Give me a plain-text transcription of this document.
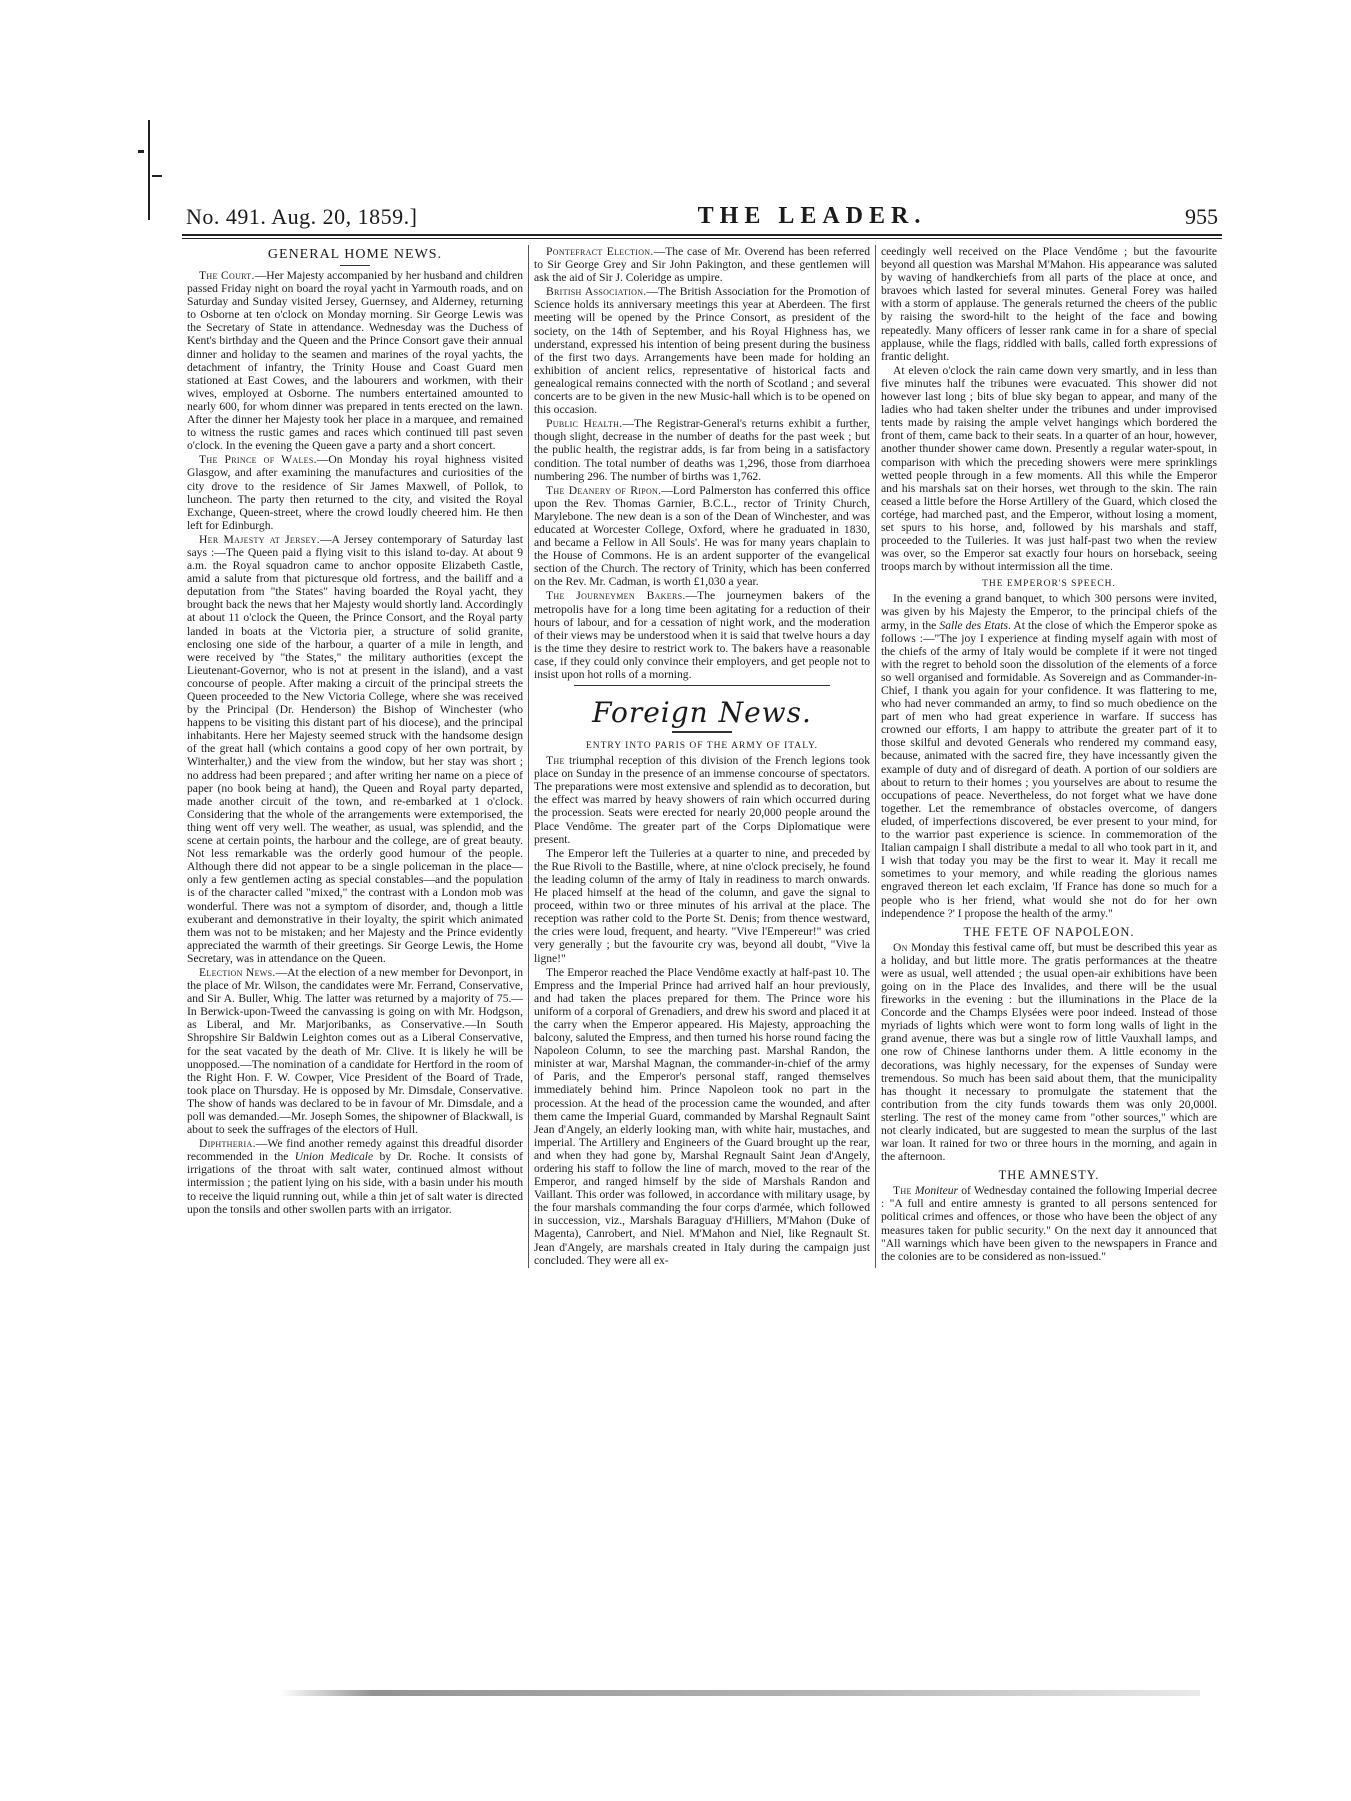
No. 491. Aug. 20, 1859.]	THE LEADER.	955
GENERAL HOME NEWS.

The Court.—Her Majesty accompanied by her husband and children passed Friday night on board the royal yacht in Yarmouth roads, and on Saturday and Sunday visited Jersey, Guernsey, and Alderney, returning to Osborne at ten o'clock on Monday morning. Sir George Lewis was the Secretary of State in attendance. Wednesday was the Duchess of Kent's birthday and the Queen and the Prince Consort gave their annual dinner and holiday to the seamen and marines of the royal yachts, the detachment of infantry, the Trinity House and Coast Guard men stationed at East Cowes, and the labourers and workmen, with their wives, employed at Osborne. The numbers entertained amounted to nearly 600, for whom dinner was prepared in tents erected on the lawn. After the dinner her Majesty took her place in a marquee, and remained to witness the rustic games and races which continued till past seven o'clock. In the evening the Queen gave a party and a short concert.

The Prince of Wales.—On Monday his royal highness visited Glasgow, and after examining the manufactures and curiosities of the city drove to the residence of Sir James Maxwell, of Pollok, to luncheon. The party then returned to the city, and visited the Royal Exchange, Queen-street, where the crowd loudly cheered him. He then left for Edinburgh.

Her Majesty at Jersey.—A Jersey contemporary of Saturday last says :—The Queen paid a flying visit to this island to-day. At about 9 a.m. the Royal squadron came to anchor opposite Elizabeth Castle, amid a salute from that picturesque old fortress, and the bailiff and a deputation from "the States" having boarded the Royal yacht, they brought back the news that her Majesty would shortly land. Accordingly at about 11 o'clock the Queen, the Prince Consort, and the Royal party landed in boats at the Victoria pier, a structure of solid granite, enclosing one side of the harbour, a quarter of a mile in length, and were received by "the States," the military authorities (except the Lieutenant-Governor, who is not at present in the island), and a vast concourse of people. After making a circuit of the principal streets the Queen proceeded to the New Victoria College, where she was received by the Principal (Dr. Henderson) the Bishop of Winchester (who happens to be visiting this distant part of his diocese), and the principal inhabitants. Here her Majesty seemed struck with the handsome design of the great hall (which contains a good copy of her own portrait, by Winterhalter,) and the view from the window, but her stay was short ; no address had been prepared ; and after writing her name on a piece of paper (no book being at hand), the Queen and Royal party departed, made another circuit of the town, and re-embarked at 1 o'clock. Considering that the whole of the arrangements were extemporised, the thing went off very well. The weather, as usual, was splendid, and the scene at certain points, the harbour and the college, are of great beauty. Not less remarkable was the orderly good humour of the people. Although there did not appear to be a single policeman in the place—only a few gentlemen acting as special constables—and the population is of the character called "mixed," the contrast with a London mob was wonderful. There was not a symptom of disorder, and, though a little exuberant and demonstrative in their loyalty, the spirit which animated them was not to be mistaken; and her Majesty and the Prince evidently appreciated the warmth of their greetings. Sir George Lewis, the Home Secretary, was in attendance on the Queen.

Election News.—At the election of a new member for Devonport, in the place of Mr. Wilson, the candidates were Mr. Ferrand, Conservative, and Sir A. Buller, Whig. The latter was returned by a majority of 75.—In Berwick-upon-Tweed the canvassing is going on with Mr. Hodgson, as Liberal, and Mr. Marjoribanks, as Conservative.—In South Shropshire Sir Baldwin Leighton comes out as a Liberal Conservative, for the seat vacated by the death of Mr. Clive. It is likely he will be unopposed.—The nomination of a candidate for Hertford in the room of the Right Hon. F. W. Cowper, Vice President of the Board of Trade, took place on Thursday. He is opposed by Mr. Dimsdale, Conservative. The show of hands was declared to be in favour of Mr. Dimsdale, and a poll was demanded.—Mr. Joseph Somes, the shipowner of Blackwall, is about to seek the suffrages of the electors of Hull.

Diphtheria.—We find another remedy against this dreadful disorder recommended in the Union Medicale by Dr. Roche. It consists of irrigations of the throat with salt water, continued almost without intermission ; the patient lying on his side, with a basin under his mouth to receive the liquid running out, while a thin jet of salt water is directed upon the tonsils and other swollen parts with an irrigator.

Pontefract Election.—The case of Mr. Overend has been referred to Sir George Grey and Sir John Pakington, and these gentlemen will ask the aid of Sir J. Coleridge as umpire.

British Association.—The British Association for the Promotion of Science holds its anniversary meetings this year at Aberdeen. The first meeting will be opened by the Prince Consort, as president of the society, on the 14th of September, and his Royal Highness has, we understand, expressed his intention of being present during the business of the first two days. Arrangements have been made for holding an exhibition of ancient relics, representative of historical facts and genealogical remains connected with the north of Scotland ; and several concerts are to be given in the new Music-hall which is to be opened on this occasion.

Public Health.—The Registrar-General's returns exhibit a further, though slight, decrease in the number of deaths for the past week ; but the public health, the registrar adds, is far from being in a satisfactory condition. The total number of deaths was 1,296, those from diarrhoea numbering 296. The number of births was 1,762.

The Deanery of Ripon.—Lord Palmerston has conferred this office upon the Rev. Thomas Garnier, B.C.L., rector of Trinity Church, Marylebone. The new dean is a son of the Dean of Winchester, and was educated at Worcester College, Oxford, where he graduated in 1830, and became a Fellow in All Souls'. He was for many years chaplain to the House of Commons. He is an ardent supporter of the evangelical section of the Church. The rectory of Trinity, which has been conferred on the Rev. Mr. Cadman, is worth £1,030 a year.

The Journeymen Bakers.—The journeymen bakers of the metropolis have for a long time been agitating for a reduction of their hours of labour, and for a cessation of night work, and the moderation of their views may be understood when it is said that twelve hours a day is the time they desire to restrict work to. The bakers have a reasonable case, if they could only convince their employers, and get people not to insist upon hot rolls of a morning.

Foreign News.
ENTRY INTO PARIS OF THE ARMY OF ITALY.

The triumphal reception of this division of the French legions took place on Sunday in the presence of an immense concourse of spectators. The preparations were most extensive and splendid as to decoration, but the effect was marred by heavy showers of rain which occurred during the procession. Seats were erected for nearly 20,000 people around the Place Vendôme. The greater part of the Corps Diplomatique were present.

The Emperor left the Tuileries at a quarter to nine, and preceded by the Rue Rivoli to the Bastille, where, at nine o'clock precisely, he found the leading column of the army of Italy in readiness to march onwards. He placed himself at the head of the column, and gave the signal to proceed, within two or three minutes of his arrival at the place. The reception was rather cold to the Porte St. Denis; from thence westward, the cries were loud, frequent, and hearty. "Vive l'Empereur!" was cried very generally ; but the favourite cry was, beyond all doubt, "Vive la ligne!"

The Emperor reached the Place Vendôme exactly at half-past 10. The Empress and the Imperial Prince had arrived half an hour previously, and had taken the places prepared for them. The Prince wore his uniform of a corporal of Grenadiers, and drew his sword and placed it at the carry when the Emperor appeared. His Majesty, approaching the balcony, saluted the Empress, and then turned his horse round facing the Napoleon Column, to see the marching past. Marshal Randon, the minister at war, Marshal Magnan, the commander-in-chief of the army of Paris, and the Emperor's personal staff, ranged themselves immediately behind him. Prince Napoleon took no part in the procession. At the head of the procession came the wounded, and after them came the Imperial Guard, commanded by Marshal Regnault Saint Jean d'Angely, an elderly looking man, with white hair, mustaches, and imperial. The Artillery and Engineers of the Guard brought up the rear, and when they had gone by, Marshal Regnault Saint Jean d'Angely, ordering his staff to follow the line of march, moved to the rear of the Emperor, and ranged himself by the side of Marshals Randon and Vaillant. This order was followed, in accordance with military usage, by the four marshals commanding the four corps d'armée, which followed in succession, viz., Marshals Baraguay d'Hilliers, M'Mahon (Duke of Magenta), Canrobert, and Niel. M'Mahon and Niel, like Regnault St. Jean d'Angely, are marshals created in Italy during the campaign just concluded. They were all ex-

ceedingly well received on the Place Vendôme ; but the favourite beyond all question was Marshal M'Mahon. His appearance was saluted by waving of handkerchiefs from all parts of the place at once, and bravoes which lasted for several minutes. General Forey was hailed with a storm of applause. The generals returned the cheers of the public by raising the sword-hilt to the height of the face and bowing repeatedly. Many officers of lesser rank came in for a share of special applause, while the flags, riddled with balls, called forth expressions of frantic delight.

At eleven o'clock the rain came down very smartly, and in less than five minutes half the tribunes were evacuated. This shower did not however last long ; bits of blue sky began to appear, and many of the ladies who had taken shelter under the tribunes and under improvised tents made by raising the ample velvet hangings which bordered the front of them, came back to their seats. In a quarter of an hour, however, another thunder shower came down. Presently a regular water-spout, in comparison with which the preceding showers were mere sprinklings wetted people through in a few moments. All this while the Emperor and his marshals sat on their horses, wet through to the skin. The rain ceased a little before the Horse Artillery of the Guard, which closed the cortége, had marched past, and the Emperor, without losing a moment, set spurs to his horse, and, followed by his marshals and staff, proceeded to the Tuileries. It was just half-past two when the review was over, so the Emperor sat exactly four hours on horseback, seeing troops march by without intermission all the time.

THE EMPEROR'S SPEECH.

In the evening a grand banquet, to which 300 persons were invited, was given by his Majesty the Emperor, to the principal chiefs of the army, in the Salle des Etats. At the close of which the Emperor spoke as follows :—"The joy I experience at finding myself again with most of the chiefs of the army of Italy would be complete if it were not tinged with the regret to behold soon the dissolution of the elements of a force so well organised and formidable. As Sovereign and as Commander-in-Chief, I thank you again for your confidence. It was flattering to me, who had never commanded an army, to find so much obedience on the part of men who had great experience in warfare. If success has crowned our efforts, I am happy to attribute the greater part of it to those skilful and devoted Generals who rendered my command easy, because, animated with the sacred fire, they have incessantly given the example of duty and of disregard of death. A portion of our soldiers are about to return to their homes ; you yourselves are about to resume the occupations of peace. Nevertheless, do not forget what we have done together. Let the remembrance of obstacles overcome, of dangers eluded, of imperfections discovered, be ever present to your mind, for to the warrior past experience is science. In commemoration of the Italian campaign I shall distribute a medal to all who took part in it, and I wish that today you may be the first to wear it. May it recall me sometimes to your memory, and while reading the glorious names engraved thereon let each exclaim, 'If France has done so much for a people who is her friend, what would she not do for her own independence ?' I propose the health of the army."

THE FETE OF NAPOLEON.

On Monday this festival came off, but must be described this year as a holiday, and but little more. The gratis performances at the theatre were as usual, well attended ; the usual open-air exhibitions have been going on in the Place des Invalides, and there will be the usual fireworks in the evening : but the illuminations in the Place de la Concorde and the Champs Elysées were poor indeed. Instead of those myriads of lights which were wont to form long walls of light in the grand avenue, there was but a single row of little Vauxhall lamps, and one row of Chinese lanthorns under them. A little economy in the decorations, was highly necessary, for the expenses of Sunday were tremendous. So much has been said about them, that the municipality has thought it necessary to promulgate the statement that the contribution from the city funds towards them was only 20,000l. sterling. The rest of the money came from "other sources," which are not clearly indicated, but are suggested to mean the surplus of the last war loan. It rained for two or three hours in the morning, and again in the afternoon.

THE AMNESTY.

The Moniteur of Wednesday contained the following Imperial decree : "A full and entire amnesty is granted to all persons sentenced for political crimes and offences, or those who have been the object of any measures taken for public security." On the next day it announced that "All warnings which have been given to the newspapers in France and the colonies are to be considered as non-issued."
